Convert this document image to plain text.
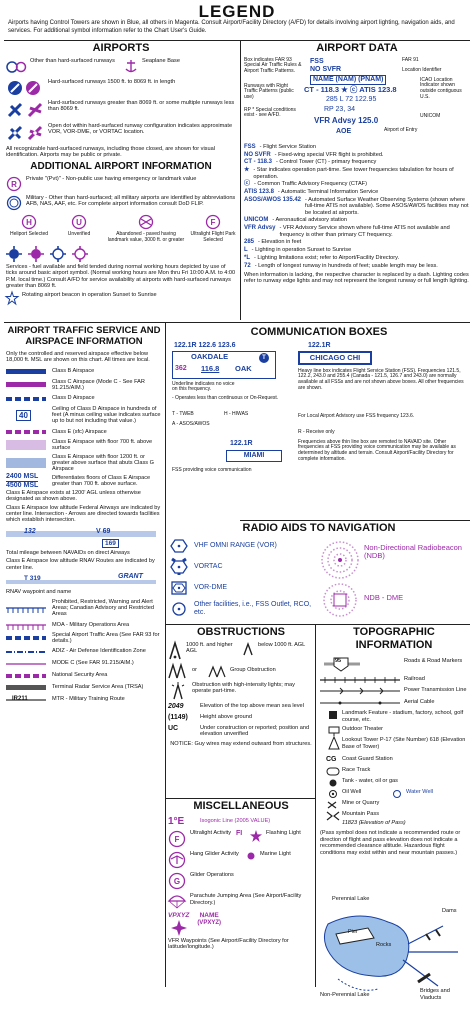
LEGEND
Airports having Control Towers are shown in Blue, all others in Magenta. Consult Airport/Facility Directory (A/FD) for details involving airport lighting, navigation aids, and services. For additional symbol information refer to the Chart User's Guide.
AIRPORTS
Other than hard-surfaced runways	Seaplane Base
Hard-surfaced runways 1500 ft. to 8069 ft. in length
Hard-surfaced runways greater than 8069 ft. or some multiple runways less than 8069 ft.
Open dot within hard-surfaced runway configuration indicates approximate VOR, VOR-DME, or VORTAC location.
All recognizable hard-surfaced runways, including those closed, are shown for visual identification. Airports may be public or private.
ADDITIONAL AIRPORT INFORMATION
R
Private "(Pvt)" - Non-public use having emergency or landmark value
Military - Other than hard-surfaced; all military airports are identified by abbreviations AFB, NAS, AAF, etc. For complete airport information consult DoD FLIP.
H
Heliport Selected
U
Unverified	Abandoned - paved having landmark value, 3000 ft. or greater
F
Ultralight Flight Park Selected
Services - fuel available and field tended during normal working hours depicted by use of ticks around basic airport symbol. (Normal working hours are Mon thru Fri 10:00 A.M. to 4:00 P.M. local time.) Consult A/FD for service availability at airports with hard-surfaced runways greater than 8069 ft.
Rotating airport beacon in operation Sunset to Sunrise
AIRPORT DATA
Box indicates FAR 93 Special Air Traffic Rules & Airport Traffic Patterns.
FSS
NO SVFR
FAR 91
Location Identifier
NAME (NAM) (PNAM)	ICAO Location Indicator shown outside contiguous U.S.
Runways with Right Traffic Patterns (public use)
CT - 118.3 ★ ⓒ ATIS 123.8
285 L 72 122.95
RP * Special conditions exist - see A/FD.
RP 23, 34
VFR Advsy 125.0	UNICOM
AOE	Airport of Entry
FSS - Flight Service Station
NO SVFR - Fixed-wing special VFR flight is prohibited.
CT - 118.3 - Control Tower (CT) - primary frequency
★ - Star indicates operation part-time. See tower frequencies tabulation for hours of operation.
ⓒ - Common Traffic Advisory Frequency (CTAF)
ATIS 123.8 - Automatic Terminal Information Service
ASOS/AWOS 135.42 - Automated Surface Weather Observing Systems (shown where full-time ATIS not available). Some ASOS/AWOS facilities may not be located at airports.
UNICOM - Aeronautical advisory station
VFR Advsy - VFR Advisory Service shown where full-time ATIS not available and frequency is other than primary CT frequency.
285 - Elevation in feet
L - Lighting in operation Sunset to Sunrise
*L - Lighting limitations exist; refer to Airport/Facility Directory.
72 - Length of longest runway in hundreds of feet; usable length may be less.
When information is lacking, the respective character is replaced by a dash. Lighting codes refer to runway edge lights and may not represent the longest runway or full length lighting.
AIRPORT TRAFFIC SERVICE AND AIRSPACE INFORMATION
Only the controlled and reserved airspace effective below 18,000 ft. MSL are shown on this chart. All times are local.
Class B Airspace
Class C Airspace (Mode C - See FAR 91.215/AIM.)
Class D Airspace
40
Ceiling of Class D Airspace in hundreds of feet (A minus ceiling value indicates surface up to but not including that value.)
Class E (sfc) Airspace
Class E Airspace with floor 700 ft. above surface
Class E Airspace with floor 1200 ft. or greater above surface that abuts Class G Airspace
2400 MSL
4500 MSL
Differentiates floors of Class E Airspace greater than 700 ft. above surface.
Class E Airspace exists at 1200' AGL unless otherwise designated as shown above.
Class E Airspace low altitude Federal Airways are indicated by center line. Intersection - Arrows are directed towards facilities which establish intersection.
132	V 69
169
Total mileage between NAVAIDs on direct Airways
Class E Airspace low altitude RNAV Routes are indicated by center line.
T 319	GRANT
RNAV waypoint and name
Prohibited, Restricted, Warning and Alert Areas; Canadian Advisory and Restricted Areas
MOA - Military Operations Area
Special Airport Traffic Area (See FAR 93 for details.)
ADIZ - Air Defense Identification Zone
MODE C (See FAR 91.215/AIM.)
National Security Area
Terminal Radar Service Area (TRSA)
IR211	MTR - Military Training Route
COMMUNICATION BOXES
122.1R 122.6 123.6
OAKDALE	T
362 116.8 OAK
122.1R
CHICAGO CHI
Underline indicates no voice on this frequency.
- Operates less than continuous or On-Request.
T - TWEB	H - HIWAS
A - ASOS/AWOS
Heavy line box indicates Flight Service Station (FSS). Frequencies 121.5, 122.2, 243.0 and 255.4 (Canada - 121.5, 126.7 and 243.0) are normally available at all FSSs and are not shown above boxes. All other frequencies are shown.
For Local Airport Advisory use FSS frequency 123.6.
122.1R
MIAMI
FSS providing voice communication
R - Receive only
Frequencies above thin line box are remoted to NAVAID site. Other frequencies at FSS providing voice communication may be available as determined by altitude and terrain. Consult Airport/Facility Directory for complete information.
RADIO AIDS TO NAVIGATION
VHF OMNI RANGE (VOR)
VORTAC
VOR-DME
Other facilities, i.e., FSS Outlet, RCO, etc.
Non-Directional Radiobeacon (NDB)
NDB - DME
OBSTRUCTIONS
1000 ft. and higher AGL
below 1000 ft. AGL
or	Group Obstruction
Obstruction with high-intensity lights; may operate part-time.
2049	Elevation of the top above mean sea level
(1149)	Height above ground
UC	Under construction or reported; position and elevation unverified
NOTICE: Guy wires may extend outward from structures.
MISCELLANEOUS
1°E	Isogonic Line (2005 VALUE)
F
Ultralight Activity FI	Flashing Light
Hang Glider Activity	Marine Light
G
Glider Operations
Parachute Jumping Area (See Airport/Facility Directory.)
VPXYZ	NAME
(VPXYZ)
VFR Waypoints (See Airport/Facility Directory for latitude/longitude.)
TOPOGRAPHIC INFORMATION
95	Roads & Road Markers
Railroad
Power Transmission Line
Aerial Cable
Landmark Feature - stadium, factory, school, golf course, etc.
Outdoor Theater
Lookout Tower P-17 (Site Number) 618 (Elevation Base of Tower)
CG Coast Guard Station
Race Track
Tank - water, oil or gas
Oil Well	Water Well
Mine or Quarry
Mountain Pass
11823 (Elevation of Pass)
(Pass symbol does not indicate a recommended route or direction of flight and pass elevation does not indicate a recommended clearance altitude. Hazardous flight conditions may exist within and near mountain passes.)
Perennial Lake
Pier
Rocks
Dams
Non-Perennial Lake
Bridges and Viaducts
